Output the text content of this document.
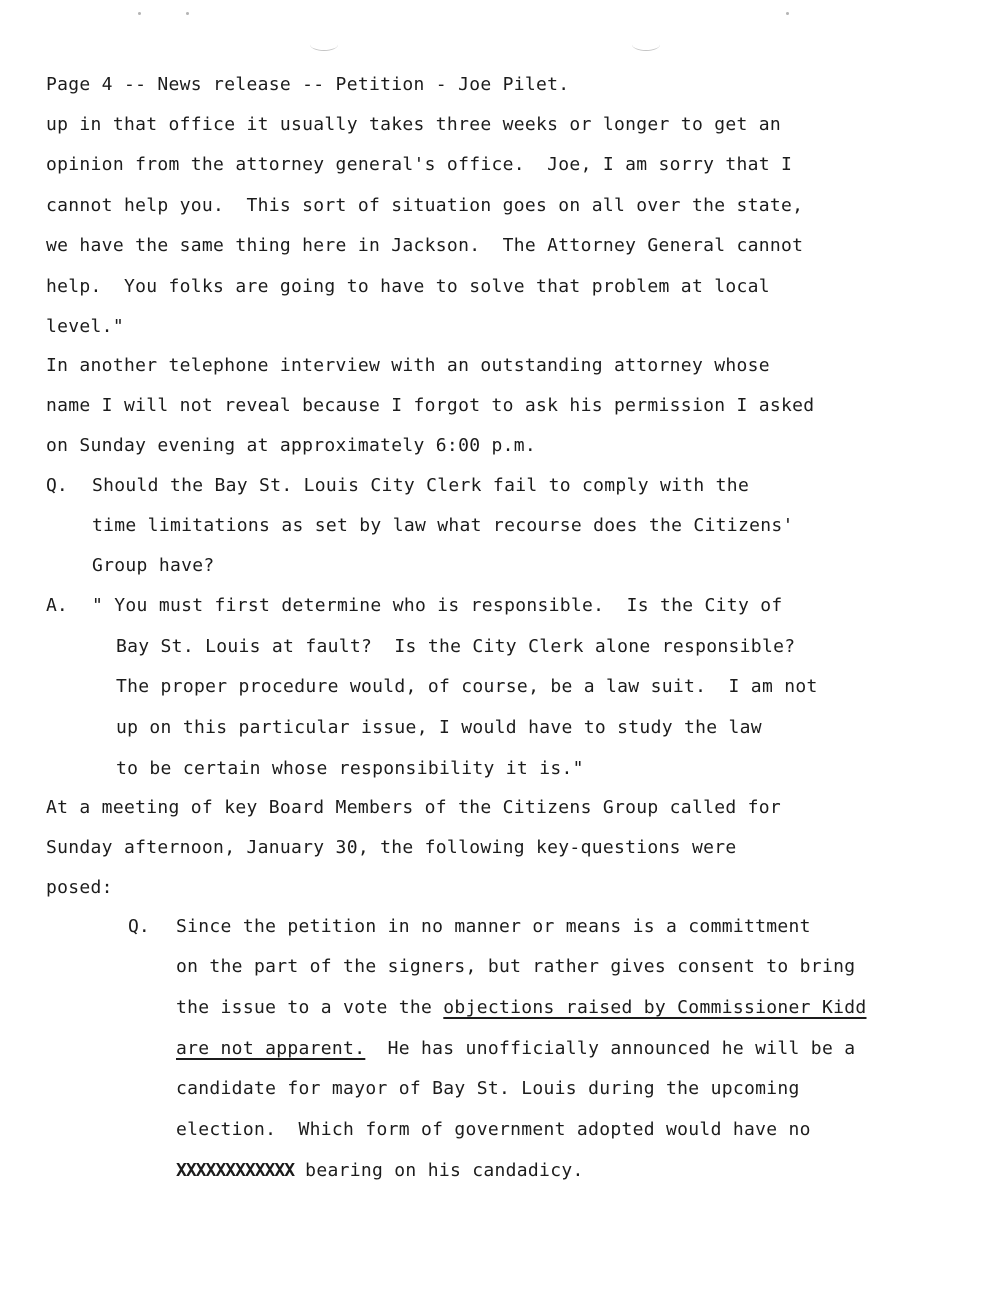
Page 4 -- News release -- Petition - Joe Pilet.
up in that office it usually takes three weeks or longer to get an
opinion from the attorney general's office.  Joe, I am sorry that I
cannot help you.  This sort of situation goes on all over the state,
we have the same thing here in Jackson.  The Attorney General cannot
help.  You folks are going to have to solve that problem at local
level."
In another telephone interview with an outstanding attorney whose
name I will not reveal because I forgot to ask his permission I asked
on Sunday evening at approximately 6:00 p.m.
Q. Should the Bay St. Louis City Clerk fail to comply with the
time limitations as set by law what recourse does the Citizens'
Group have?
A. " You must first determine who is responsible.  Is the City of
Bay St. Louis at fault?  Is the City Clerk alone responsible?
The proper procedure would, of course, be a law suit.  I am not
up on this particular issue, I would have to study the law
to be certain whose responsibility it is."
At a meeting of key Board Members of the Citizens Group called for
Sunday afternoon, January 30, the following key-questions were
posed:
Q. Since the petition in no manner or means is a committment
on the part of the signers, but rather gives consent to bring
the issue to a vote the objections raised by Commissioner Kidd
are not apparent.  He has unofficially announced he will be a
candidate for mayor of Bay St. Louis during the upcoming
election.  Which form of government adopted would have no
XXXXXXXXXXXX bearing on his candadicy.
